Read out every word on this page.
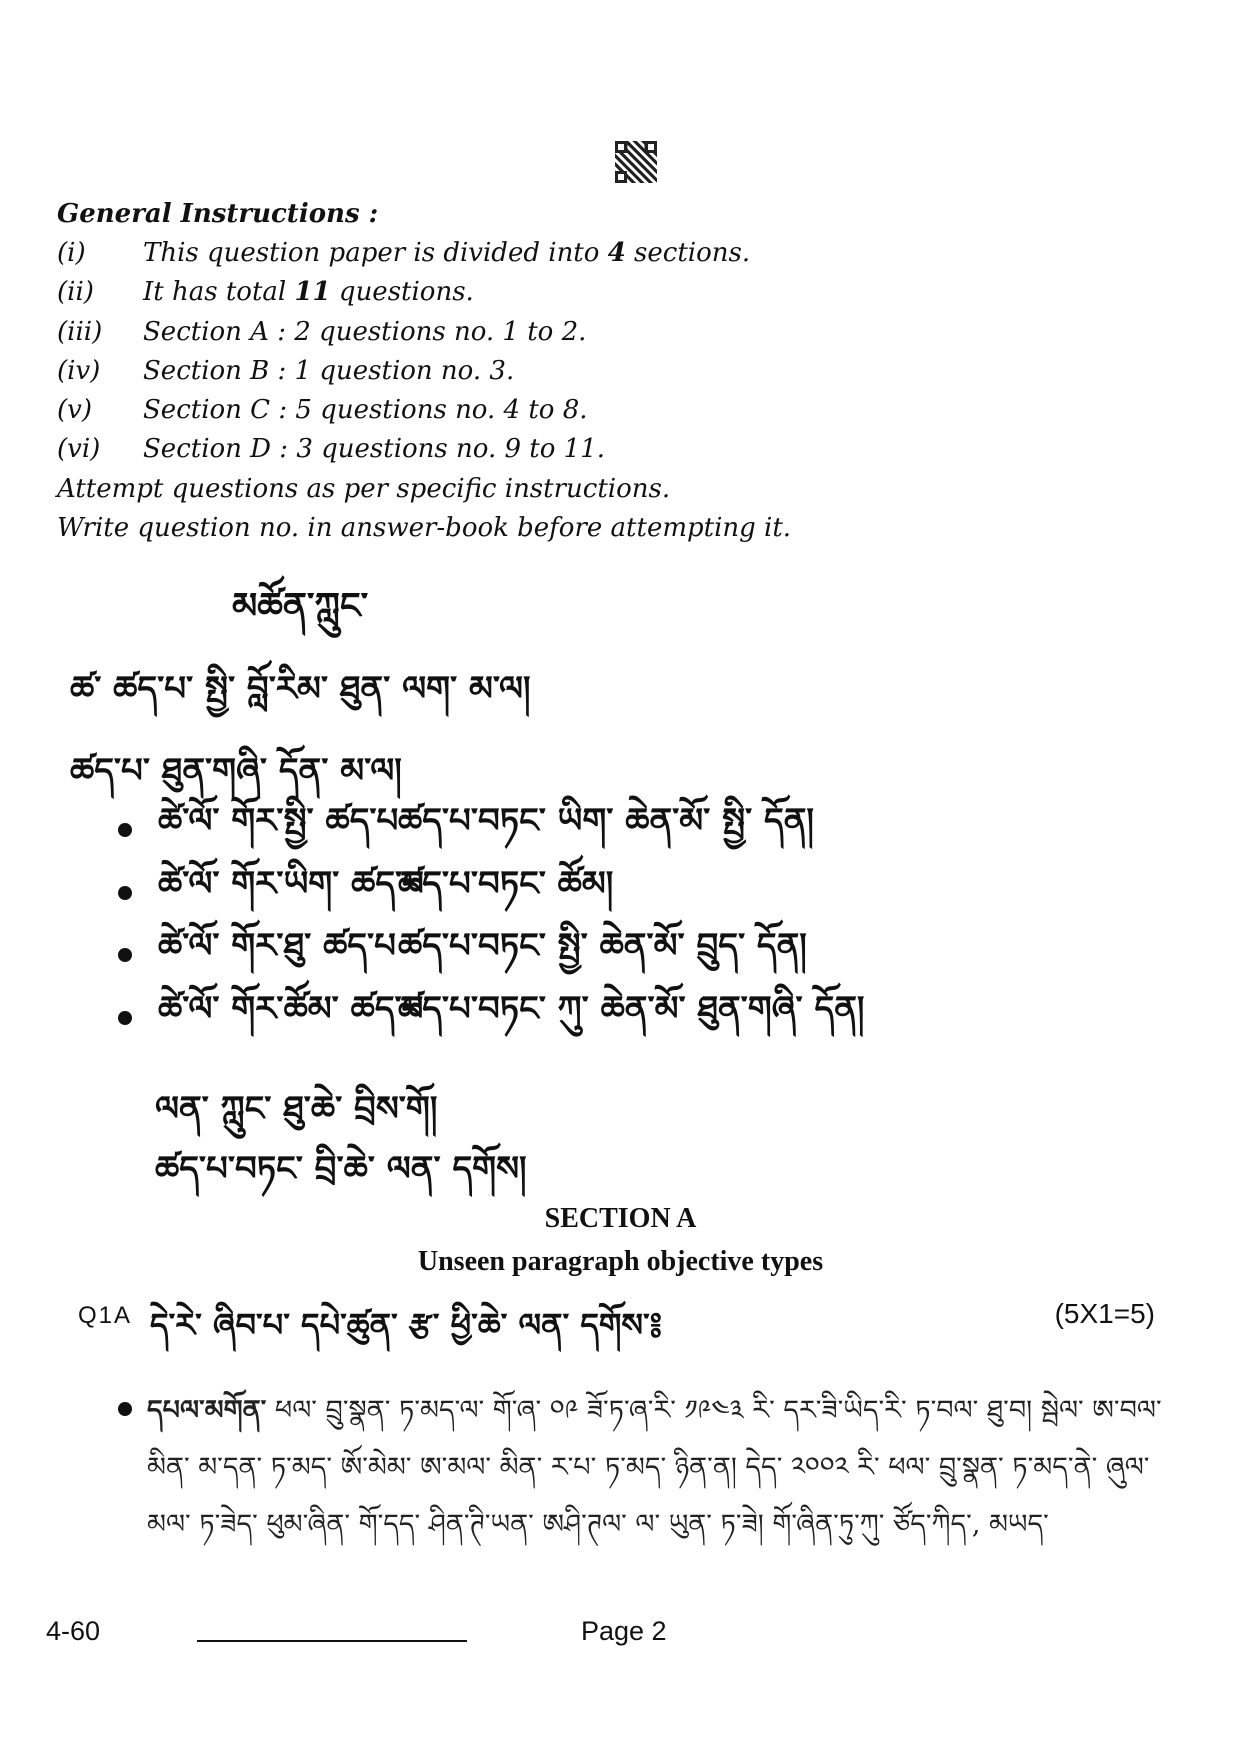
General Instructions :
(i)	This question paper is divided into 4 sections.
(ii)	It has total 11 questions.
(iii)	Section A : 2 questions no. 1 to 2.
(iv)	Section B : 1 question no. 3.
(v)	Section C : 5 questions no. 4 to 8.
(vi)	Section D : 3 questions no. 9 to 11.
Attempt questions as per specific instructions.
Write question no. in answer-book before attempting it.
མཚོན་ཀླུང་
ཚ་ ཚད་པ་ སྤྱི་ བློ་རིམ་ ཐུན་ ལག་ མ་ལ།
ཚད་པ་ ཐུན་གཞི་ དོན་ མ་ལ།
ཚེ་ལོ་ གོར་སྤྱི་ ཚད་པ ཚད་པ་བཏང་ ཡིག་ ཆེན་མོ་ སྤྱི་ དོན།
ཚེ་ལོ་ གོར་ཡིག་ ཚད་པ
ཚད་པ་བཏང་ ཚོམ།
ཚེ་ལོ་ གོར་ཐུ་ ཚད་པ ཚད་པ་བཏང་ སྤྱི་ ཆེན་མོ་ བྲུད་ དོན།
ཚེ་ལོ་ གོར་ཚོམ་ ཚད་པ
ཚད་པ་བཏང་ ཀུ་ ཆེན་མོ་ ཐུན་གཞི་ དོན།
ལན་ ཀླུང་ ཐུ་ཆེ་ བྲིས་གོ།
ཚད་པ་བཏང་ བྲི་ཆེ་ ལན་ དགོས།
SECTION A
Unseen paragraph objective types
Q1A དེ་རེ་ ཞིབ་པ་ དཔེ་ཚུན་ རྩ་ ཕྱི་ཆེ་ ལན་ དགོས་༔	(5X1=5)
དཔལ་མགོན་ ཕལ་ བྲུ་སྣན་ ཏ་མད་ལ་ གོ་ཞ་ ༠༩ ཟོ་ཏ་ཞ་རི་ ༡༩༤༣ རི་ དར་ཟི་ཡིད་རི་ ཏ་བལ་ ཐུ་བ། སྦེལ་ ཨ་བལ་ མིན་ མ་དན་ ཏ་མད་ ཨོ་མེམ་ ཨ་མལ་ མིན་ ར་པ་ ཏ་མད་ ཉིན་ན། དེད་ ༢༠༠༢ རི་ ཕལ་ བྲུ་སྣན་ ཏ་མད་ནེ་ ཞུལ་མལ་ ཏ་ཟེད་ ཕུམ་ཞིན་ གོ་དད་ ཤིན་ཊི་ཡན་ ཨཤི་ཊལ་ ལ་ ཡུན་ ཏ་ཟེ། གོ་ཞིན་ཏུ་ཀུ་ ཙོད་ཀིད་, མཡད་
4-60	Page 2
